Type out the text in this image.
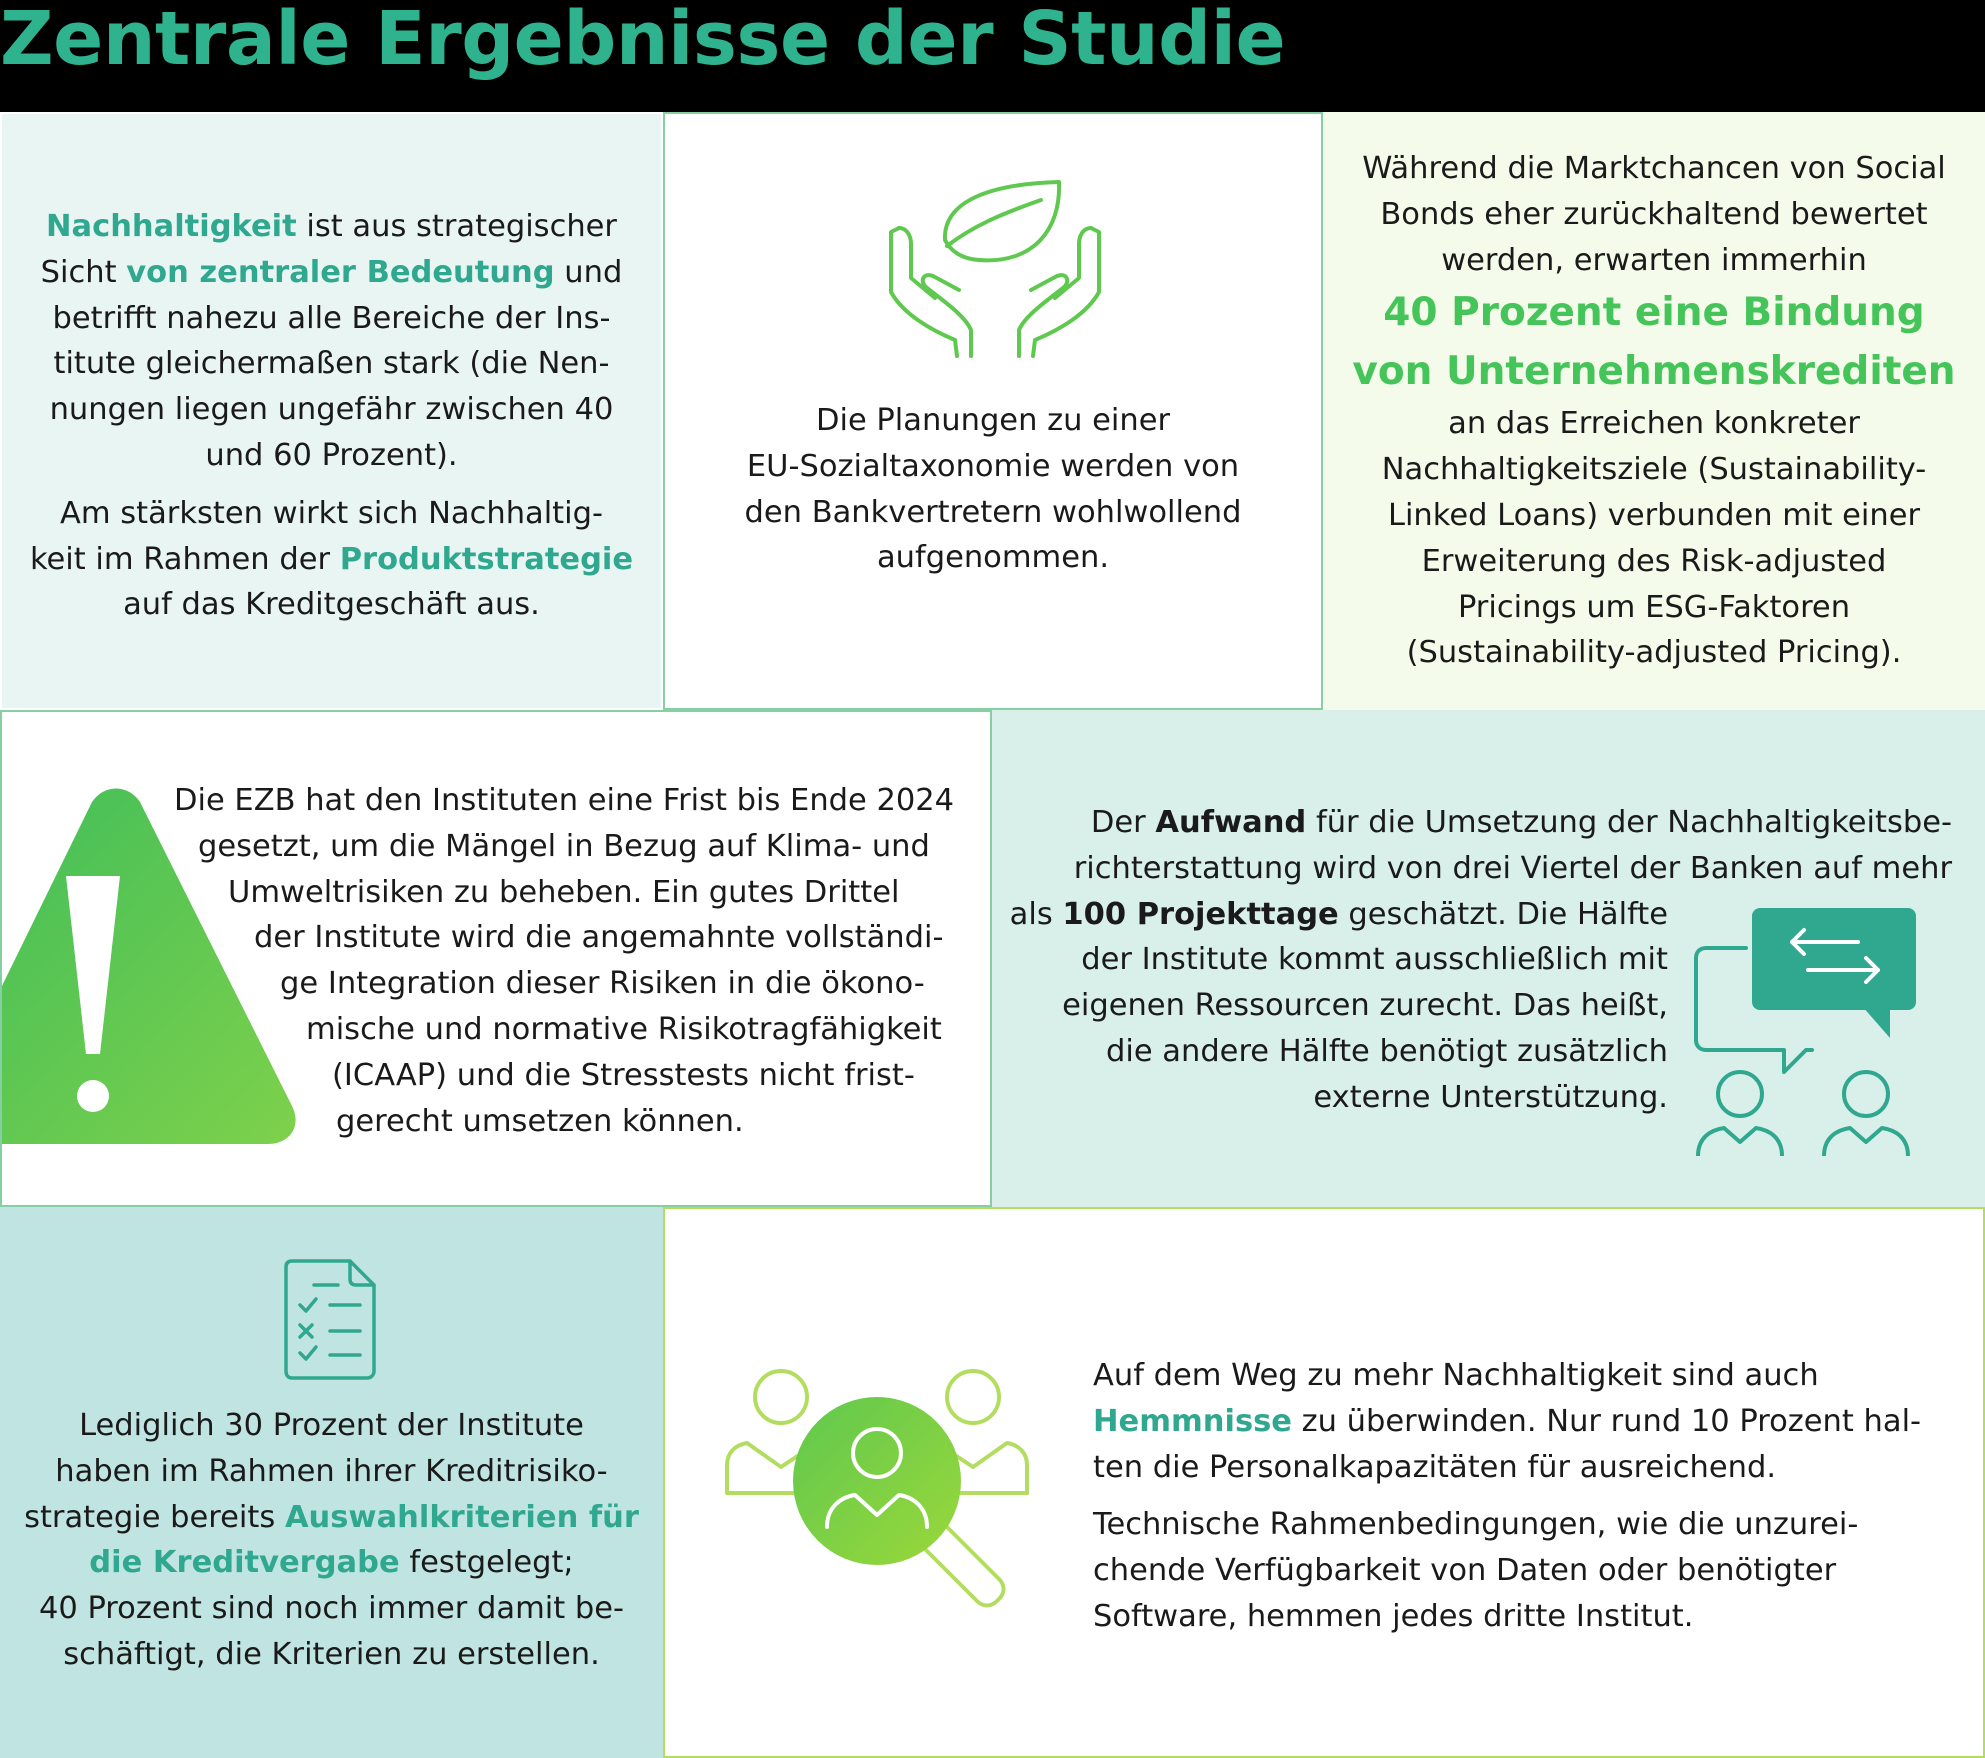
Zentrale Ergebnisse der Studie

Nachhaltigkeit ist aus strategischer

Sicht von zentraler Bedeutung und

betrifft nahezu alle Bereiche der Ins-

titute gleichermaßen stark (die Nen-

nungen liegen ungefähr zwischen 40

und 60 Prozent).

Am stärksten wirkt sich Nachhaltig-

keit im Rahmen der Produktstrategie

auf das Kreditgeschäft aus.

Die Planungen zu einer

EU-Sozialtaxonomie werden von

den Bankvertretern wohlwollend

aufgenommen.

Während die Marktchancen von Social

Bonds eher zurückhaltend bewertet

werden, erwarten immerhin

40 Prozent eine Bindung

von Unternehmenskrediten

an das Erreichen konkreter

Nachhaltigkeitsziele (Sustainability-

Linked Loans) verbunden mit einer

Erweiterung des Risk-adjusted

Pricings um ESG-Faktoren

(Sustainability-adjusted Pricing).

Die EZB hat den Instituten eine Frist bis Ende 2024

gesetzt, um die Mängel in Bezug auf Klima- und

Umweltrisiken zu beheben. Ein gutes Drittel

der Institute wird die angemahnte vollständi-

ge Integration dieser Risiken in die ökono-

mische und normative Risikotragfähigkeit

(ICAAP) und die Stresstests nicht frist-

gerecht umsetzen können.

Der Aufwand für die Umsetzung der Nachhaltigkeitsbe-

richterstattung wird von drei Viertel der Banken auf mehr

als 100 Projekttage geschätzt. Die Hälfte

der Institute kommt ausschließlich mit

eigenen Ressourcen zurecht. Das heißt,

die andere Hälfte benötigt zusätzlich

externe Unterstützung.

Lediglich 30 Prozent der Institute

haben im Rahmen ihrer Kreditrisiko-

strategie bereits Auswahlkriterien für

die Kreditvergabe festgelegt;

40 Prozent sind noch immer damit be-

schäftigt, die Kriterien zu erstellen.

Auf dem Weg zu mehr Nachhaltigkeit sind auch

Hemmnisse zu überwinden. Nur rund 10 Prozent hal-

ten die Personalkapazitäten für ausreichend.

Technische Rahmenbedingungen, wie die unzurei-

chende Verfügbarkeit von Daten oder benötigter

Software, hemmen jedes dritte Institut.
